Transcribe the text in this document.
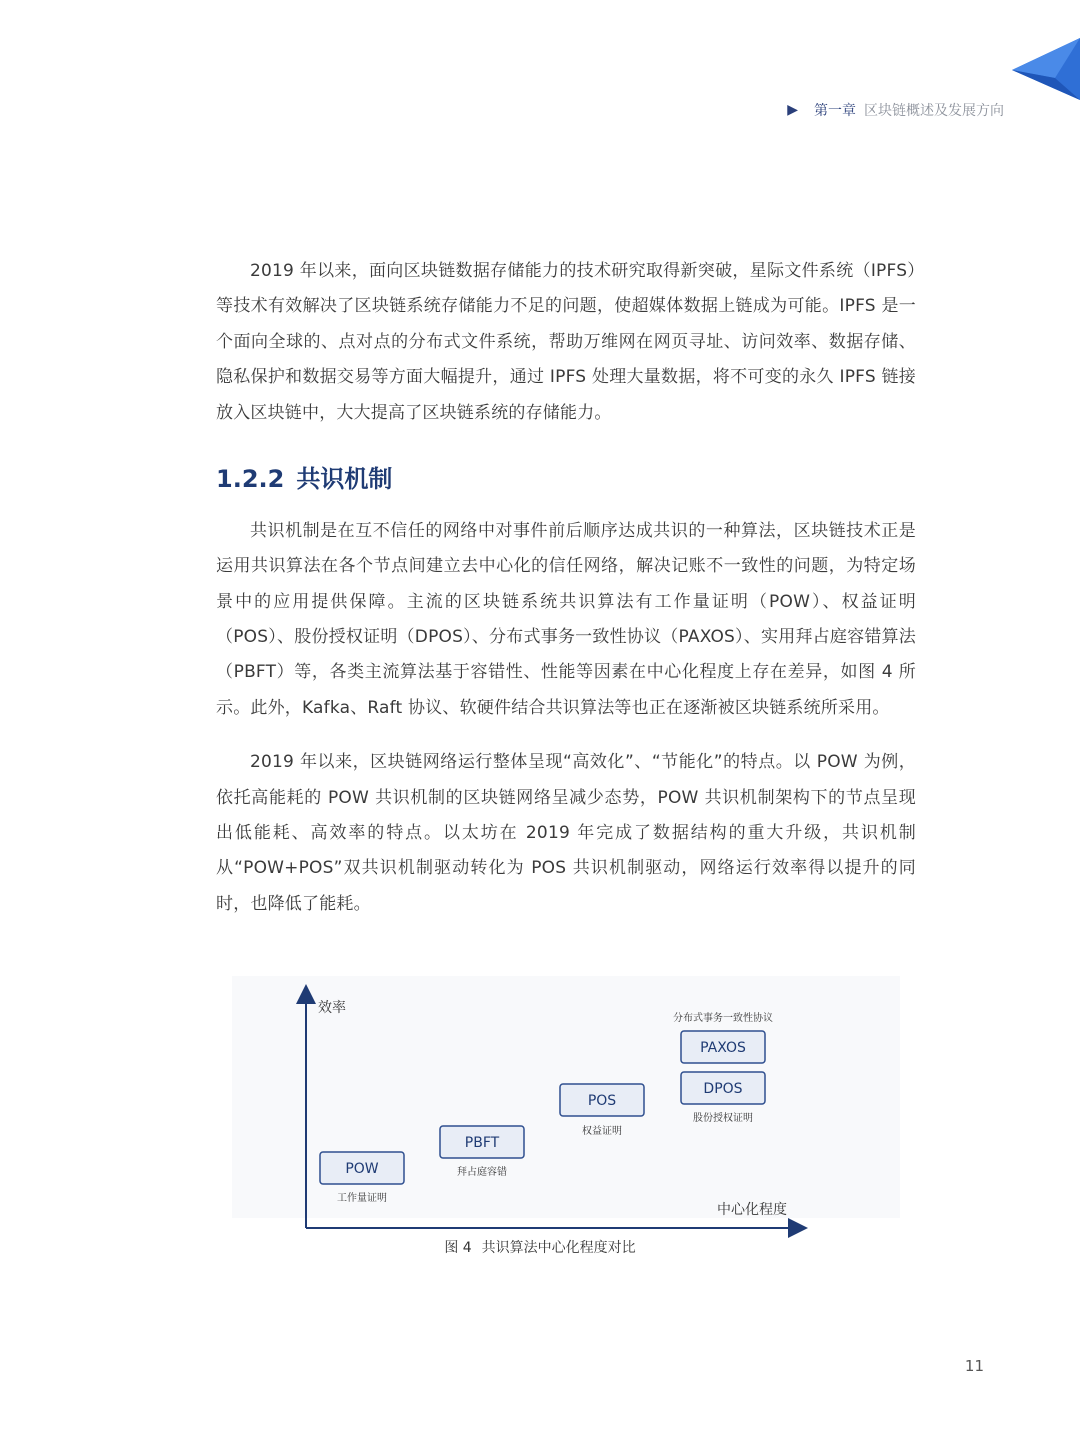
▶ 第一章 区块链概述及发展方向

2019 年以来，面向区块链数据存储能力的技术研究取得新突破，星际文件系统（IPFS）等技术有效解决了区块链系统存储能力不足的问题，使超媒体数据上链成为可能。IPFS 是一个面向全球的、点对点的分布式文件系统，帮助万维网在网页寻址、访问效率、数据存储、隐私保护和数据交易等方面大幅提升，通过 IPFS 处理大量数据，将不可变的永久 IPFS 链接放入区块链中，大大提高了区块链系统的存储能力。

1.2.2 共识机制

共识机制是在互不信任的网络中对事件前后顺序达成共识的一种算法，区块链技术正是运用共识算法在各个节点间建立去中心化的信任网络，解决记账不一致性的问题，为特定场景中的应用提供保障。主流的区块链系统共识算法有工作量证明（POW）、权益证明（POS）、股份授权证明（DPOS）、分布式事务一致性协议（PAXOS）、实用拜占庭容错算法（PBFT）等，各类主流算法基于容错性、性能等因素在中心化程度上存在差异，如图 4 所示。此外，Kafka、Raft 协议、软硬件结合共识算法等也正在逐渐被区块链系统所采用。

2019 年以来，区块链网络运行整体呈现“高效化”、“节能化”的特点。以 POW 为例，依托高能耗的 POW 共识机制的区块链网络呈减少态势，POW 共识机制架构下的节点呈现出低能耗、高效率的特点。以太坊在 2019 年完成了数据结构的重大升级，共识机制从“POW+POS”双共识机制驱动转化为 POS 共识机制驱动，网络运行效率得以提升的同时，也降低了能耗。

效率
中心化程度
POW
工作量证明
PBFT
拜占庭容错
POS
权益证明
分布式事务一致性协议
PAXOS
DPOS
股份授权证明
图 4 共识算法中心化程度对比
11
